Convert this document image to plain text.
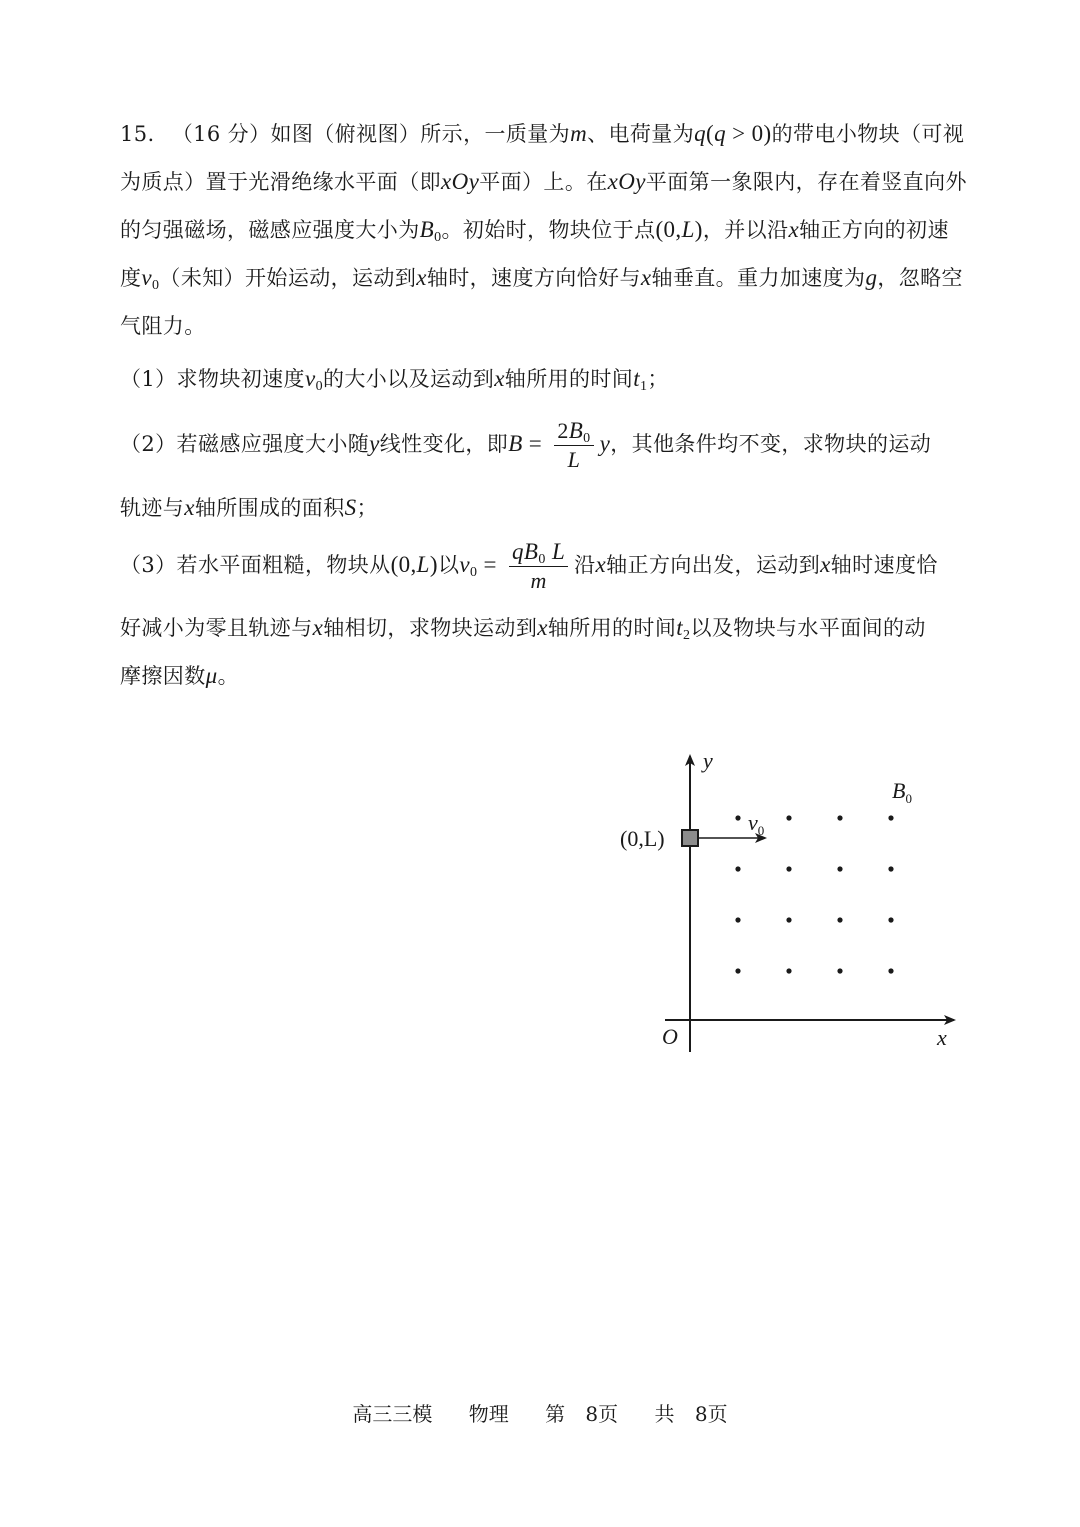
15. （16 分）如图（俯视图）所示，一质量为m、电荷量为q(q > 0)的带电小物块（可视为质点）置于光滑绝缘水平面（即xOy平面）上。在xOy平面第一象限内，存在着竖直向外的匀强磁场，磁感应强度大小为$B_0$。初始时，物块位于点(0,L)，并以沿x轴正方向的初速度$v_0$（未知）开始运动，运动到x轴时，速度方向恰好与x轴垂直。重力加速度为g，忽略空气阻力。
（1）求物块初速度$v_0$的大小以及运动到x轴所用的时间$t_1$；
（2）若磁感应强度大小随y线性变化，即$B = \frac{2B_0}{L}$ y，其他条件均不变，求物块的运动
轨迹与x轴所围成的面积S；
（3）若水平面粗糙，物块从(0,L)以$v_0 = \frac{qB_0 L}{m}$ 沿x轴正方向出发，运动到x轴时速度恰
好减小为零且轨迹与x轴相切，求物块运动到x轴所用的时间$t_2$以及物块与水平面间的动
摩擦因数μ。
y
x
O
(0,L)
$v_0$
$B_0$
高三三模 物理 第 8页 共 8页
